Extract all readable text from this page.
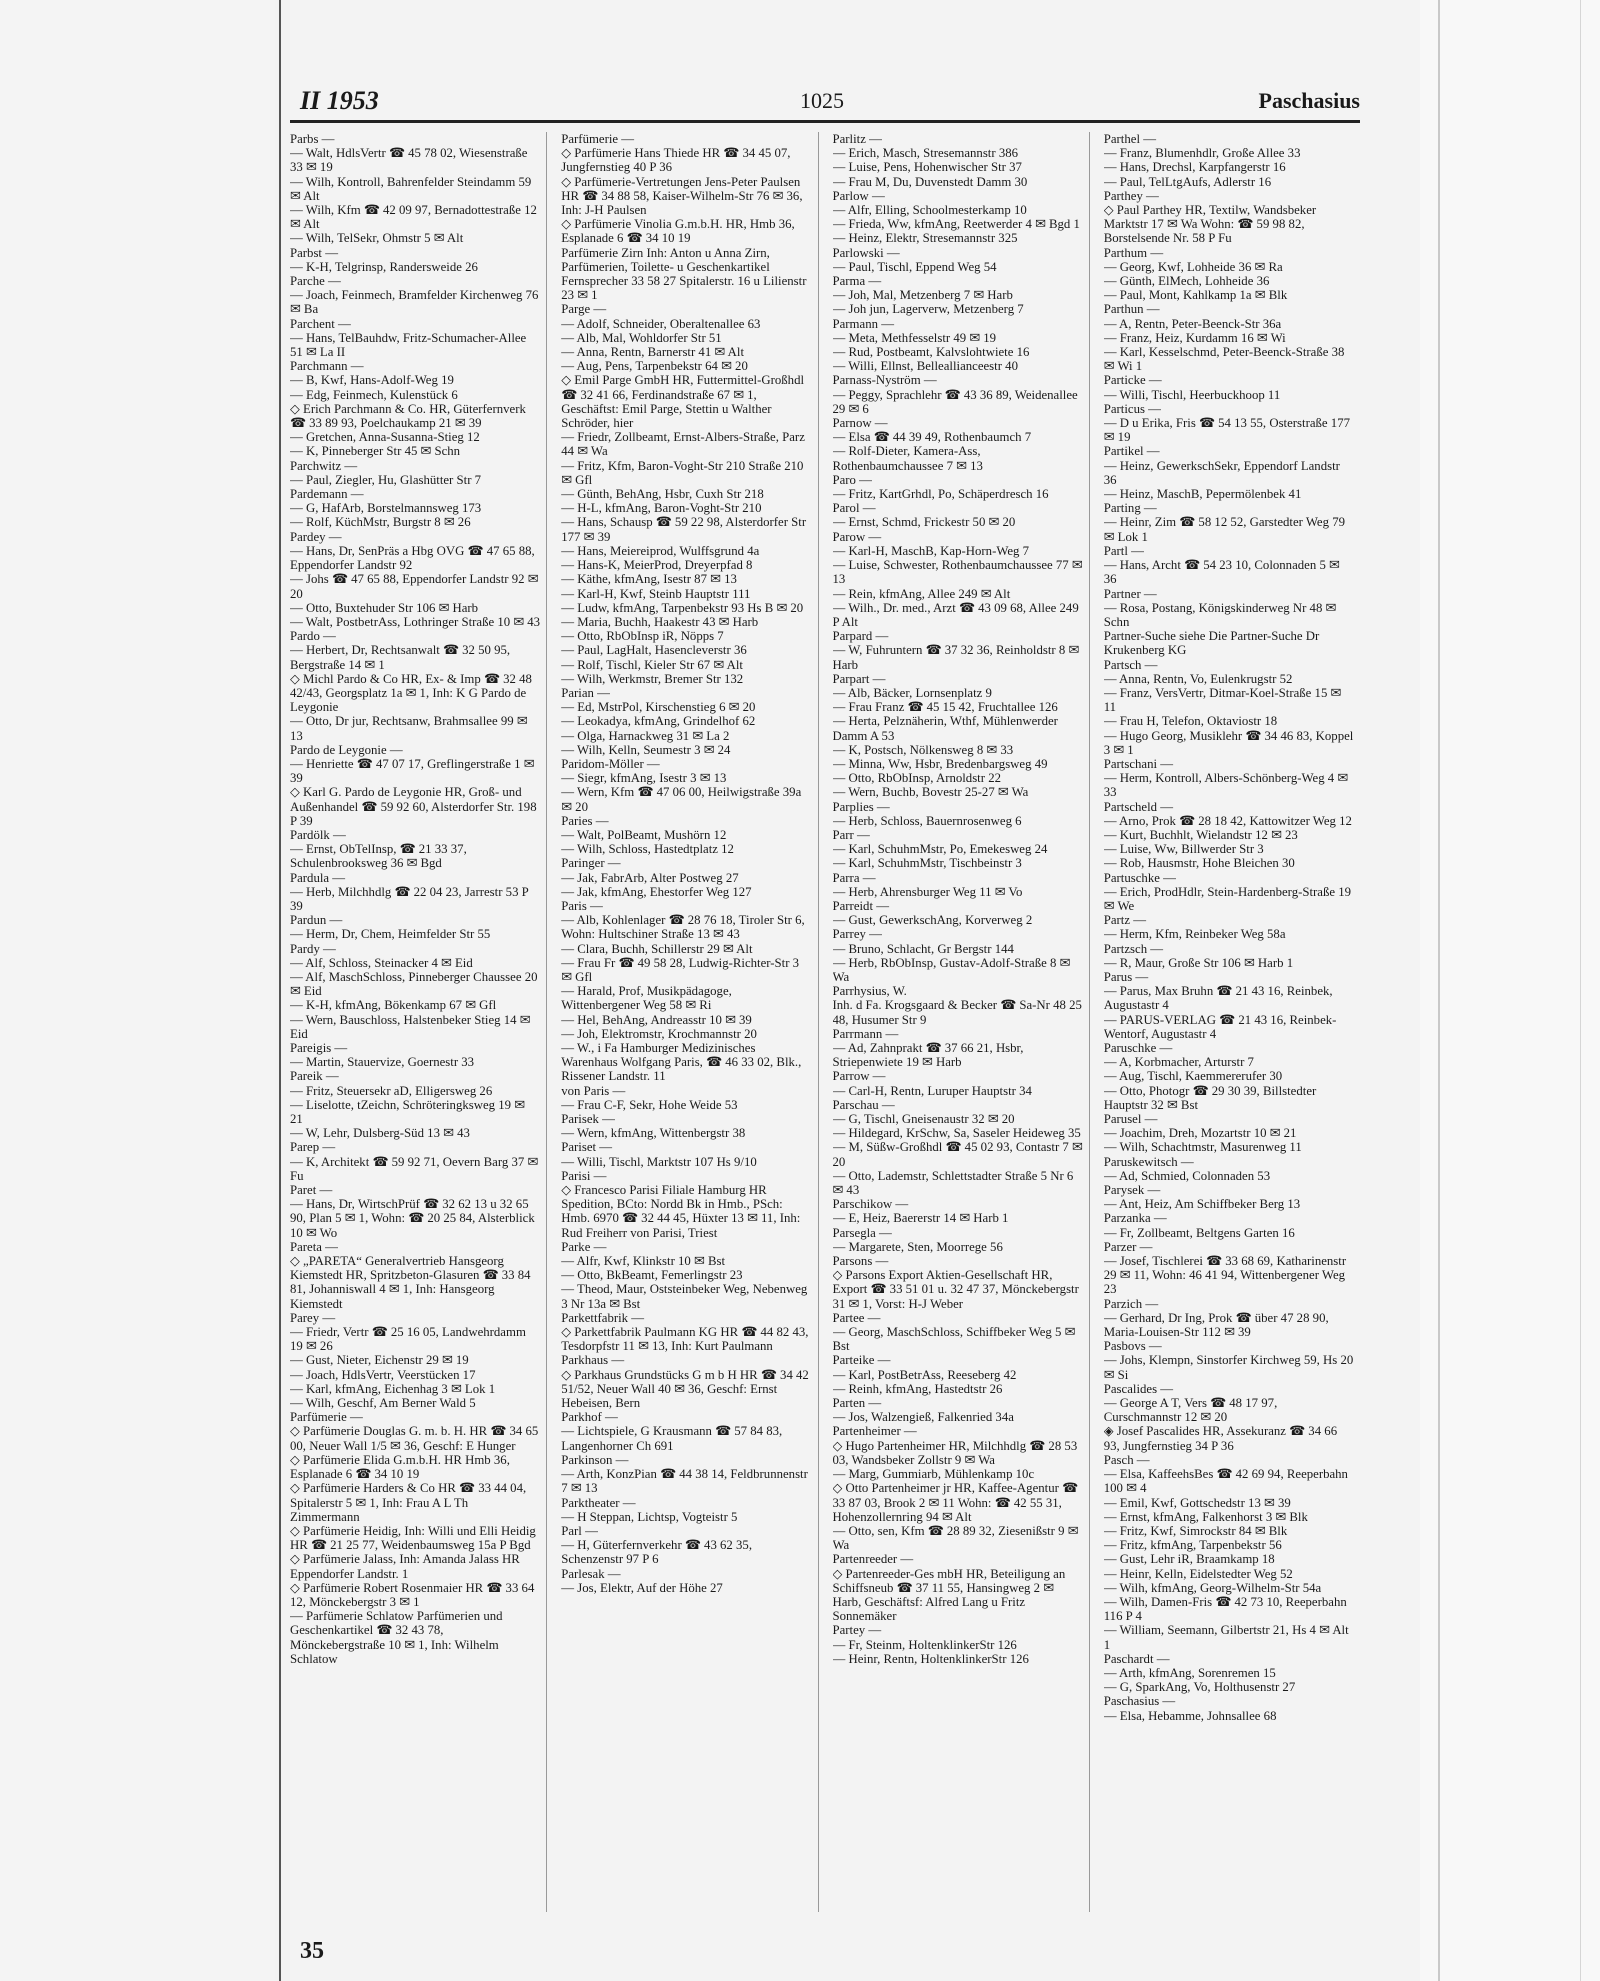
II 1953	1025	Paschasius

Parbs —

— Walt, HdlsVertr ☎ 45 78 02, Wiesenstraße 33 ✉ 19

— Wilh, Kontroll, Bahrenfelder Steindamm 59 ✉ Alt

— Wilh, Kfm ☎ 42 09 97, Bernadottestraße 12 ✉ Alt

— Wilh, TelSekr, Ohmstr 5 ✉ Alt

Parbst —

— K-H, Telgrinsp, Randersweide 26

Parche —

— Joach, Feinmech, Bramfelder Kirchenweg 76 ✉ Ba

Parchent —

— Hans, TelBauhdw, Fritz-Schumacher-Allee 51 ✉ La II

Parchmann —

— B, Kwf, Hans-Adolf-Weg 19

— Edg, Feinmech, Kulenstück 6

◇ Erich Parchmann & Co. HR, Güterfernverk ☎ 33 89 93, Poelchaukamp 21 ✉ 39

— Gretchen, Anna-Susanna-Stieg 12

— K, Pinneberger Str 45 ✉ Schn

Parchwitz —

— Paul, Ziegler, Hu, Glashütter Str 7

Pardemann —

— G, HafArb, Borstelmannsweg 173

— Rolf, KüchMstr, Burgstr 8 ✉ 26

Pardey —

— Hans, Dr, SenPräs a Hbg OVG ☎ 47 65 88, Eppendorfer Landstr 92

— Johs ☎ 47 65 88, Eppendorfer Landstr 92 ✉ 20

— Otto, Buxtehuder Str 106 ✉ Harb

— Walt, PostbetrAss, Lothringer Straße 10 ✉ 43

Pardo —

— Herbert, Dr, Rechtsanwalt ☎ 32 50 95, Bergstraße 14 ✉ 1

◇ Michl Pardo & Co HR, Ex- & Imp ☎ 32 48 42/43, Georgsplatz 1a ✉ 1, Inh: K G Pardo de Leygonie

— Otto, Dr jur, Rechtsanw, Brahmsallee 99 ✉ 13

Pardo de Leygonie —

— Henriette ☎ 47 07 17, Greflingerstraße 1 ✉ 39

◇ Karl G. Pardo de Leygonie HR, Groß- und Außenhandel ☎ 59 92 60, Alsterdorfer Str. 198 P 39

Pardölk —

— Ernst, ObTelInsp, ☎ 21 33 37, Schulenbrooksweg 36 ✉ Bgd

Pardula —

— Herb, Milchhdlg ☎ 22 04 23, Jarrestr 53 P 39

Pardun —

— Herm, Dr, Chem, Heimfelder Str 55

Pardy —

— Alf, Schloss, Steinacker 4 ✉ Eid

— Alf, MaschSchloss, Pinneberger Chaussee 20 ✉ Eid

— K-H, kfmAng, Bökenkamp 67 ✉ Gfl

— Wern, Bauschloss, Halstenbeker Stieg 14 ✉ Eid

Pareigis —

— Martin, Stauervize, Goernestr 33

Pareik —

— Fritz, Steuersekr aD, Elligersweg 26

— Liselotte, tZeichn, Schröteringksweg 19 ✉ 21

— W, Lehr, Dulsberg-Süd 13 ✉ 43

Parep —

— K, Architekt ☎ 59 92 71, Oevern Barg 37 ✉ Fu

Paret —

— Hans, Dr, WirtschPrüf ☎ 32 62 13 u 32 65 90, Plan 5 ✉ 1, Wohn: ☎ 20 25 84, Alsterblick 10 ✉ Wo

Pareta —

◇ „PARETA“ Generalvertrieb Hansgeorg Kiemstedt HR, Spritzbeton-Glasuren ☎ 33 84 81, Johanniswall 4 ✉ 1, Inh: Hansgeorg Kiemstedt

Parey —

— Friedr, Vertr ☎ 25 16 05, Landwehrdamm 19 ✉ 26

— Gust, Nieter, Eichenstr 29 ✉ 19

— Joach, HdlsVertr, Veerstücken 17

— Karl, kfmAng, Eichenhag 3 ✉ Lok 1

— Wilh, Geschf, Am Berner Wald 5

Parfümerie —

◇ Parfümerie Douglas G. m. b. H. HR ☎ 34 65 00, Neuer Wall 1/5 ✉ 36, Geschf: E Hunger

◇ Parfümerie Elida G.m.b.H. HR Hmb 36, Esplanade 6 ☎ 34 10 19

◇ Parfümerie Harders & Co HR ☎ 33 44 04, Spitalerstr 5 ✉ 1, Inh: Frau A L Th Zimmermann

◇ Parfümerie Heidig, Inh: Willi und Elli Heidig HR ☎ 21 25 77, Weidenbaumsweg 15a P Bgd

◇ Parfümerie Jalass, Inh: Amanda Jalass HR Eppendorfer Landstr. 1

◇ Parfümerie Robert Rosenmaier HR ☎ 33 64 12, Mönckebergstr 3 ✉ 1

— Parfümerie Schlatow Parfümerien und Geschenkartikel ☎ 32 43 78, Mönckebergstraße 10 ✉ 1, Inh: Wilhelm Schlatow

Parfümerie —

◇ Parfümerie Hans Thiede HR ☎ 34 45 07, Jungfernstieg 40 P 36

◇ Parfümerie-Vertretungen Jens-Peter Paulsen HR ☎ 34 88 58, Kaiser-Wilhelm-Str 76 ✉ 36, Inh: J-H Paulsen

◇ Parfümerie Vinolia G.m.b.H. HR, Hmb 36, Esplanade 6 ☎ 34 10 19

Parfümerie Zirn Inh: Anton u Anna Zirn, Parfümerien, Toilette- u Geschenkartikel Fernsprecher 33 58 27 Spitalerstr. 16 u Lilienstr 23 ✉ 1

Parge —

— Adolf, Schneider, Oberaltenallee 63

— Alb, Mal, Wohldorfer Str 51

— Anna, Rentn, Barnerstr 41 ✉ Alt

— Aug, Pens, Tarpenbekstr 64 ✉ 20

◇ Emil Parge GmbH HR, Futtermittel-Großhdl ☎ 32 41 66, Ferdinandstraße 67 ✉ 1, Geschäftst: Emil Parge, Stettin u Walther Schröder, hier

— Friedr, Zollbeamt, Ernst-Albers-Straße, Parz 44 ✉ Wa

— Fritz, Kfm, Baron-Voght-Str 210 Straße 210 ✉ Gfl

— Günth, BehAng, Hsbr, Cuxh Str 218

— H-L, kfmAng, Baron-Voght-Str 210

— Hans, Schausp ☎ 59 22 98, Alsterdorfer Str 177 ✉ 39

— Hans, Meiereiprod, Wulffsgrund 4a

— Hans-K, MeierProd, Dreyerpfad 8

— Käthe, kfmAng, Isestr 87 ✉ 13

— Karl-H, Kwf, Steinb Hauptstr 111

— Ludw, kfmAng, Tarpenbekstr 93 Hs B ✉ 20

— Maria, Buchh, Haakestr 43 ✉ Harb

— Otto, RbObInsp iR, Nöpps 7

— Paul, LagHalt, Hasencleverstr 36

— Rolf, Tischl, Kieler Str 67 ✉ Alt

— Wilh, Werkmstr, Bremer Str 132

Parian —

— Ed, MstrPol, Kirschenstieg 6 ✉ 20

— Leokadya, kfmAng, Grindelhof 62

— Olga, Harnackweg 31 ✉ La 2

— Wilh, Kelln, Seumestr 3 ✉ 24

Paridom-Möller —

— Siegr, kfmAng, Isestr 3 ✉ 13

— Wern, Kfm ☎ 47 06 00, Heilwigstraße 39a ✉ 20

Paries —

— Walt, PolBeamt, Mushörn 12

— Wilh, Schloss, Hastedtplatz 12

Paringer —

— Jak, FabrArb, Alter Postweg 27

— Jak, kfmAng, Ehestorfer Weg 127

Paris —

— Alb, Kohlenlager ☎ 28 76 18, Tiroler Str 6, Wohn: Hultschiner Straße 13 ✉ 43

— Clara, Buchh, Schillerstr 29 ✉ Alt

— Frau Fr ☎ 49 58 28, Ludwig-Richter-Str 3 ✉ Gfl

— Harald, Prof, Musikpädagoge, Wittenbergener Weg 58 ✉ Ri

— Hel, BehAng, Andreasstr 10 ✉ 39

— Joh, Elektromstr, Krochmannstr 20

— W., i Fa Hamburger Medizinisches Warenhaus Wolfgang Paris, ☎ 46 33 02, Blk., Rissener Landstr. 11

von Paris —

— Frau C-F, Sekr, Hohe Weide 53

Parisek —

— Wern, kfmAng, Wittenbergstr 38

Pariset —

— Willi, Tischl, Marktstr 107 Hs 9/10

Parisi —

◇ Francesco Parisi Filiale Hamburg HR Spedition, BCto: Nordd Bk in Hmb., PSch: Hmb. 6970 ☎ 32 44 45, Hüxter 13 ✉ 11, Inh: Rud Freiherr von Parisi, Triest

Parke —

— Alfr, Kwf, Klinkstr 10 ✉ Bst

— Otto, BkBeamt, Femerlingstr 23

— Theod, Maur, Oststeinbeker Weg, Nebenweg 3 Nr 13a ✉ Bst

Parkettfabrik —

◇ Parkettfabrik Paulmann KG HR ☎ 44 82 43, Tesdorpfstr 11 ✉ 13, Inh: Kurt Paulmann

Parkhaus —

◇ Parkhaus Grundstücks G m b H HR ☎ 34 42 51/52, Neuer Wall 40 ✉ 36, Geschf: Ernst Hebeisen, Bern

Parkhof —

— Lichtspiele, G Krausmann ☎ 57 84 83, Langenhorner Ch 691

Parkinson —

— Arth, KonzPian ☎ 44 38 14, Feldbrunnenstr 7 ✉ 13

Parktheater —

— H Steppan, Lichtsp, Vogteistr 5

Parl —

— H, Güterfernverkehr ☎ 43 62 35, Schenzenstr 97 P 6

Parlesak —

— Jos, Elektr, Auf der Höhe 27

Parlitz —

— Erich, Masch, Stresemannstr 386

— Luise, Pens, Hohenwischer Str 37

— Frau M, Du, Duvenstedt Damm 30

Parlow —

— Alfr, Elling, Schoolmesterkamp 10

— Frieda, Ww, kfmAng, Reetwerder 4 ✉ Bgd 1

— Heinz, Elektr, Stresemannstr 325

Parlowski —

— Paul, Tischl, Eppend Weg 54

Parma —

— Joh, Mal, Metzenberg 7 ✉ Harb

— Joh jun, Lagerverw, Metzenberg 7

Parmann —

— Meta, Methfesselstr 49 ✉ 19

— Rud, Postbeamt, Kalvslohtwiete 16

— Willi, Ellnst, Belleallianceestr 40

Parnass-Nyström —

— Peggy, Sprachlehr ☎ 43 36 89, Weidenallee 29 ✉ 6

Parnow —

— Elsa ☎ 44 39 49, Rothenbaumch 7

— Rolf-Dieter, Kamera-Ass, Rothenbaumchaussee 7 ✉ 13

Paro —

— Fritz, KartGrhdl, Po, Schäperdresch 16

Parol —

— Ernst, Schmd, Frickestr 50 ✉ 20

Parow —

— Karl-H, MaschB, Kap-Horn-Weg 7

— Luise, Schwester, Rothenbaumchaussee 77 ✉ 13

— Rein, kfmAng, Allee 249 ✉ Alt

— Wilh., Dr. med., Arzt ☎ 43 09 68, Allee 249 P Alt

Parpard —

— W, Fuhruntern ☎ 37 32 36, Reinholdstr 8 ✉ Harb

Parpart —

— Alb, Bäcker, Lornsenplatz 9

— Frau Franz ☎ 45 15 42, Fruchtallee 126

— Herta, Pelznäherin, Wthf, Mühlenwerder Damm A 53

— K, Postsch, Nölkensweg 8 ✉ 33

— Minna, Ww, Hsbr, Bredenbargsweg 49

— Otto, RbObInsp, Arnoldstr 22

— Wern, Buchb, Bovestr 25-27 ✉ Wa

Parplies —

— Herb, Schloss, Bauernrosenweg 6

Parr —

— Karl, SchuhmMstr, Po, Emekesweg 24

— Karl, SchuhmMstr, Tischbeinstr 3

Parra —

— Herb, Ahrensburger Weg 11 ✉ Vo

Parreidt —

— Gust, GewerkschAng, Korverweg 2

Parrey —

— Bruno, Schlacht, Gr Bergstr 144

— Herb, RbObInsp, Gustav-Adolf-Straße 8 ✉ Wa

Parrhysius, W.

Inh. d Fa. Krogsgaard & Becker ☎ Sa-Nr 48 25 48, Husumer Str 9

Parrmann —

— Ad, Zahnprakt ☎ 37 66 21, Hsbr, Striepenwiete 19 ✉ Harb

Parrow —

— Carl-H, Rentn, Luruper Hauptstr 34

Parschau —

— G, Tischl, Gneisenaustr 32 ✉ 20

— Hildegard, KrSchw, Sa, Saseler Heideweg 35

— M, Süßw-Großhdl ☎ 45 02 93, Contastr 7 ✉ 20

— Otto, Lademstr, Schlettstadter Straße 5 Nr 6 ✉ 43

Parschikow —

— E, Heiz, Baererstr 14 ✉ Harb 1

Parsegla —

— Margarete, Sten, Moorrege 56

Parsons —

◇ Parsons Export Aktien-Gesellschaft HR, Export ☎ 33 51 01 u. 32 47 37, Mönckebergstr 31 ✉ 1, Vorst: H-J Weber

Partee —

— Georg, MaschSchloss, Schiffbeker Weg 5 ✉ Bst

Parteike —

— Karl, PostBetrAss, Reeseberg 42

— Reinh, kfmAng, Hastedtstr 26

Parten —

— Jos, Walzengieß, Falkenried 34a

Partenheimer —

◇ Hugo Partenheimer HR, Milchhdlg ☎ 28 53 03, Wandsbeker Zollstr 9 ✉ Wa

— Marg, Gummiarb, Mühlenkamp 10c

◇ Otto Partenheimer jr HR, Kaffee-Agentur ☎ 33 87 03, Brook 2 ✉ 11 Wohn: ☎ 42 55 31, Hohenzollernring 94 ✉ Alt

— Otto, sen, Kfm ☎ 28 89 32, Ziesenißstr 9 ✉ Wa

Partenreeder —

◇ Partenreeder-Ges mbH HR, Beteiligung an Schiffsneub ☎ 37 11 55, Hansingweg 2 ✉ Harb, Geschäftsf: Alfred Lang u Fritz Sonnemäker

Partey —

— Fr, Steinm, HoltenklinkerStr 126

— Heinr, Rentn, HoltenklinkerStr 126

Parthel —

— Franz, Blumenhdlr, Große Allee 33

— Hans, Drechsl, Karpfangerstr 16

— Paul, TelLtgAufs, Adlerstr 16

Parthey —

◇ Paul Parthey HR, Textilw, Wandsbeker Marktstr 17 ✉ Wa Wohn: ☎ 59 98 82, Borstelsende Nr. 58 P Fu

Parthum —

— Georg, Kwf, Lohheide 36 ✉ Ra

— Günth, ElMech, Lohheide 36

— Paul, Mont, Kahlkamp 1a ✉ Blk

Parthun —

— A, Rentn, Peter-Beenck-Str 36a

— Franz, Heiz, Kurdamm 16 ✉ Wi

— Karl, Kesselschmd, Peter-Beenck-Straße 38 ✉ Wi 1

Particke —

— Willi, Tischl, Heerbuckhoop 11

Particus —

— D u Erika, Fris ☎ 54 13 55, Osterstraße 177 ✉ 19

Partikel —

— Heinz, GewerkschSekr, Eppendorf Landstr 36

— Heinz, MaschB, Pepermölenbek 41

Parting —

— Heinr, Zim ☎ 58 12 52, Garstedter Weg 79 ✉ Lok 1

Partl —

— Hans, Archt ☎ 54 23 10, Colonnaden 5 ✉ 36

Partner —

— Rosa, Postang, Königskinderweg Nr 48 ✉ Schn

Partner-Suche siehe Die Partner-Suche Dr Krukenberg KG

Partsch —

— Anna, Rentn, Vo, Eulenkrugstr 52

— Franz, VersVertr, Ditmar-Koel-Straße 15 ✉ 11

— Frau H, Telefon, Oktaviostr 18

— Hugo Georg, Musiklehr ☎ 34 46 83, Koppel 3 ✉ 1

Partschani —

— Herm, Kontroll, Albers-Schönberg-Weg 4 ✉ 33

Partscheld —

— Arno, Prok ☎ 28 18 42, Kattowitzer Weg 12

— Kurt, Buchhlt, Wielandstr 12 ✉ 23

— Luise, Ww, Billwerder Str 3

— Rob, Hausmstr, Hohe Bleichen 30

Partuschke —

— Erich, ProdHdlr, Stein-Hardenberg-Straße 19 ✉ We

Partz —

— Herm, Kfm, Reinbeker Weg 58a

Partzsch —

— R, Maur, Große Str 106 ✉ Harb 1

Parus —

— Parus, Max Bruhn ☎ 21 43 16, Reinbek, Augustastr 4

— PARUS-VERLAG ☎ 21 43 16, Reinbek-Wentorf, Augustastr 4

Paruschke —

— A, Korbmacher, Arturstr 7

— Aug, Tischl, Kaemmererufer 30

— Otto, Photogr ☎ 29 30 39, Billstedter Hauptstr 32 ✉ Bst

Parusel —

— Joachim, Dreh, Mozartstr 10 ✉ 21

— Wilh, Schachtmstr, Masurenweg 11

Paruskewitsch —

— Ad, Schmied, Colonnaden 53

Parysek —

— Ant, Heiz, Am Schiffbeker Berg 13

Parzanka —

— Fr, Zollbeamt, Beltgens Garten 16

Parzer —

— Josef, Tischlerei ☎ 33 68 69, Katharinenstr 29 ✉ 11, Wohn: 46 41 94, Wittenbergener Weg 23

Parzich —

— Gerhard, Dr Ing, Prok ☎ über 47 28 90, Maria-Louisen-Str 112 ✉ 39

Pasbovs —

— Johs, Klempn, Sinstorfer Kirchweg 59, Hs 20 ✉ Si

Pascalides —

— George A T, Vers ☎ 48 17 97, Curschmannstr 12 ✉ 20

◈ Josef Pascalides HR, Assekuranz ☎ 34 66 93, Jungfernstieg 34 P 36

Pasch —

— Elsa, KaffeehsBes ☎ 42 69 94, Reeperbahn 100 ✉ 4

— Emil, Kwf, Gottschedstr 13 ✉ 39

— Ernst, kfmAng, Falkenhorst 3 ✉ Blk

— Fritz, Kwf, Simrockstr 84 ✉ Blk

— Fritz, kfmAng, Tarpenbekstr 56

— Gust, Lehr iR, Braamkamp 18

— Heinr, Kelln, Eidelstedter Weg 52

— Wilh, kfmAng, Georg-Wilhelm-Str 54a

— Wilh, Damen-Fris ☎ 42 73 10, Reeperbahn 116 P 4

— William, Seemann, Gilbertstr 21, Hs 4 ✉ Alt 1

Paschardt —

— Arth, kfmAng, Sorenremen 15

— G, SparkAng, Vo, Holthusenstr 27

Paschasius —

— Elsa, Hebamme, Johnsallee 68

35
